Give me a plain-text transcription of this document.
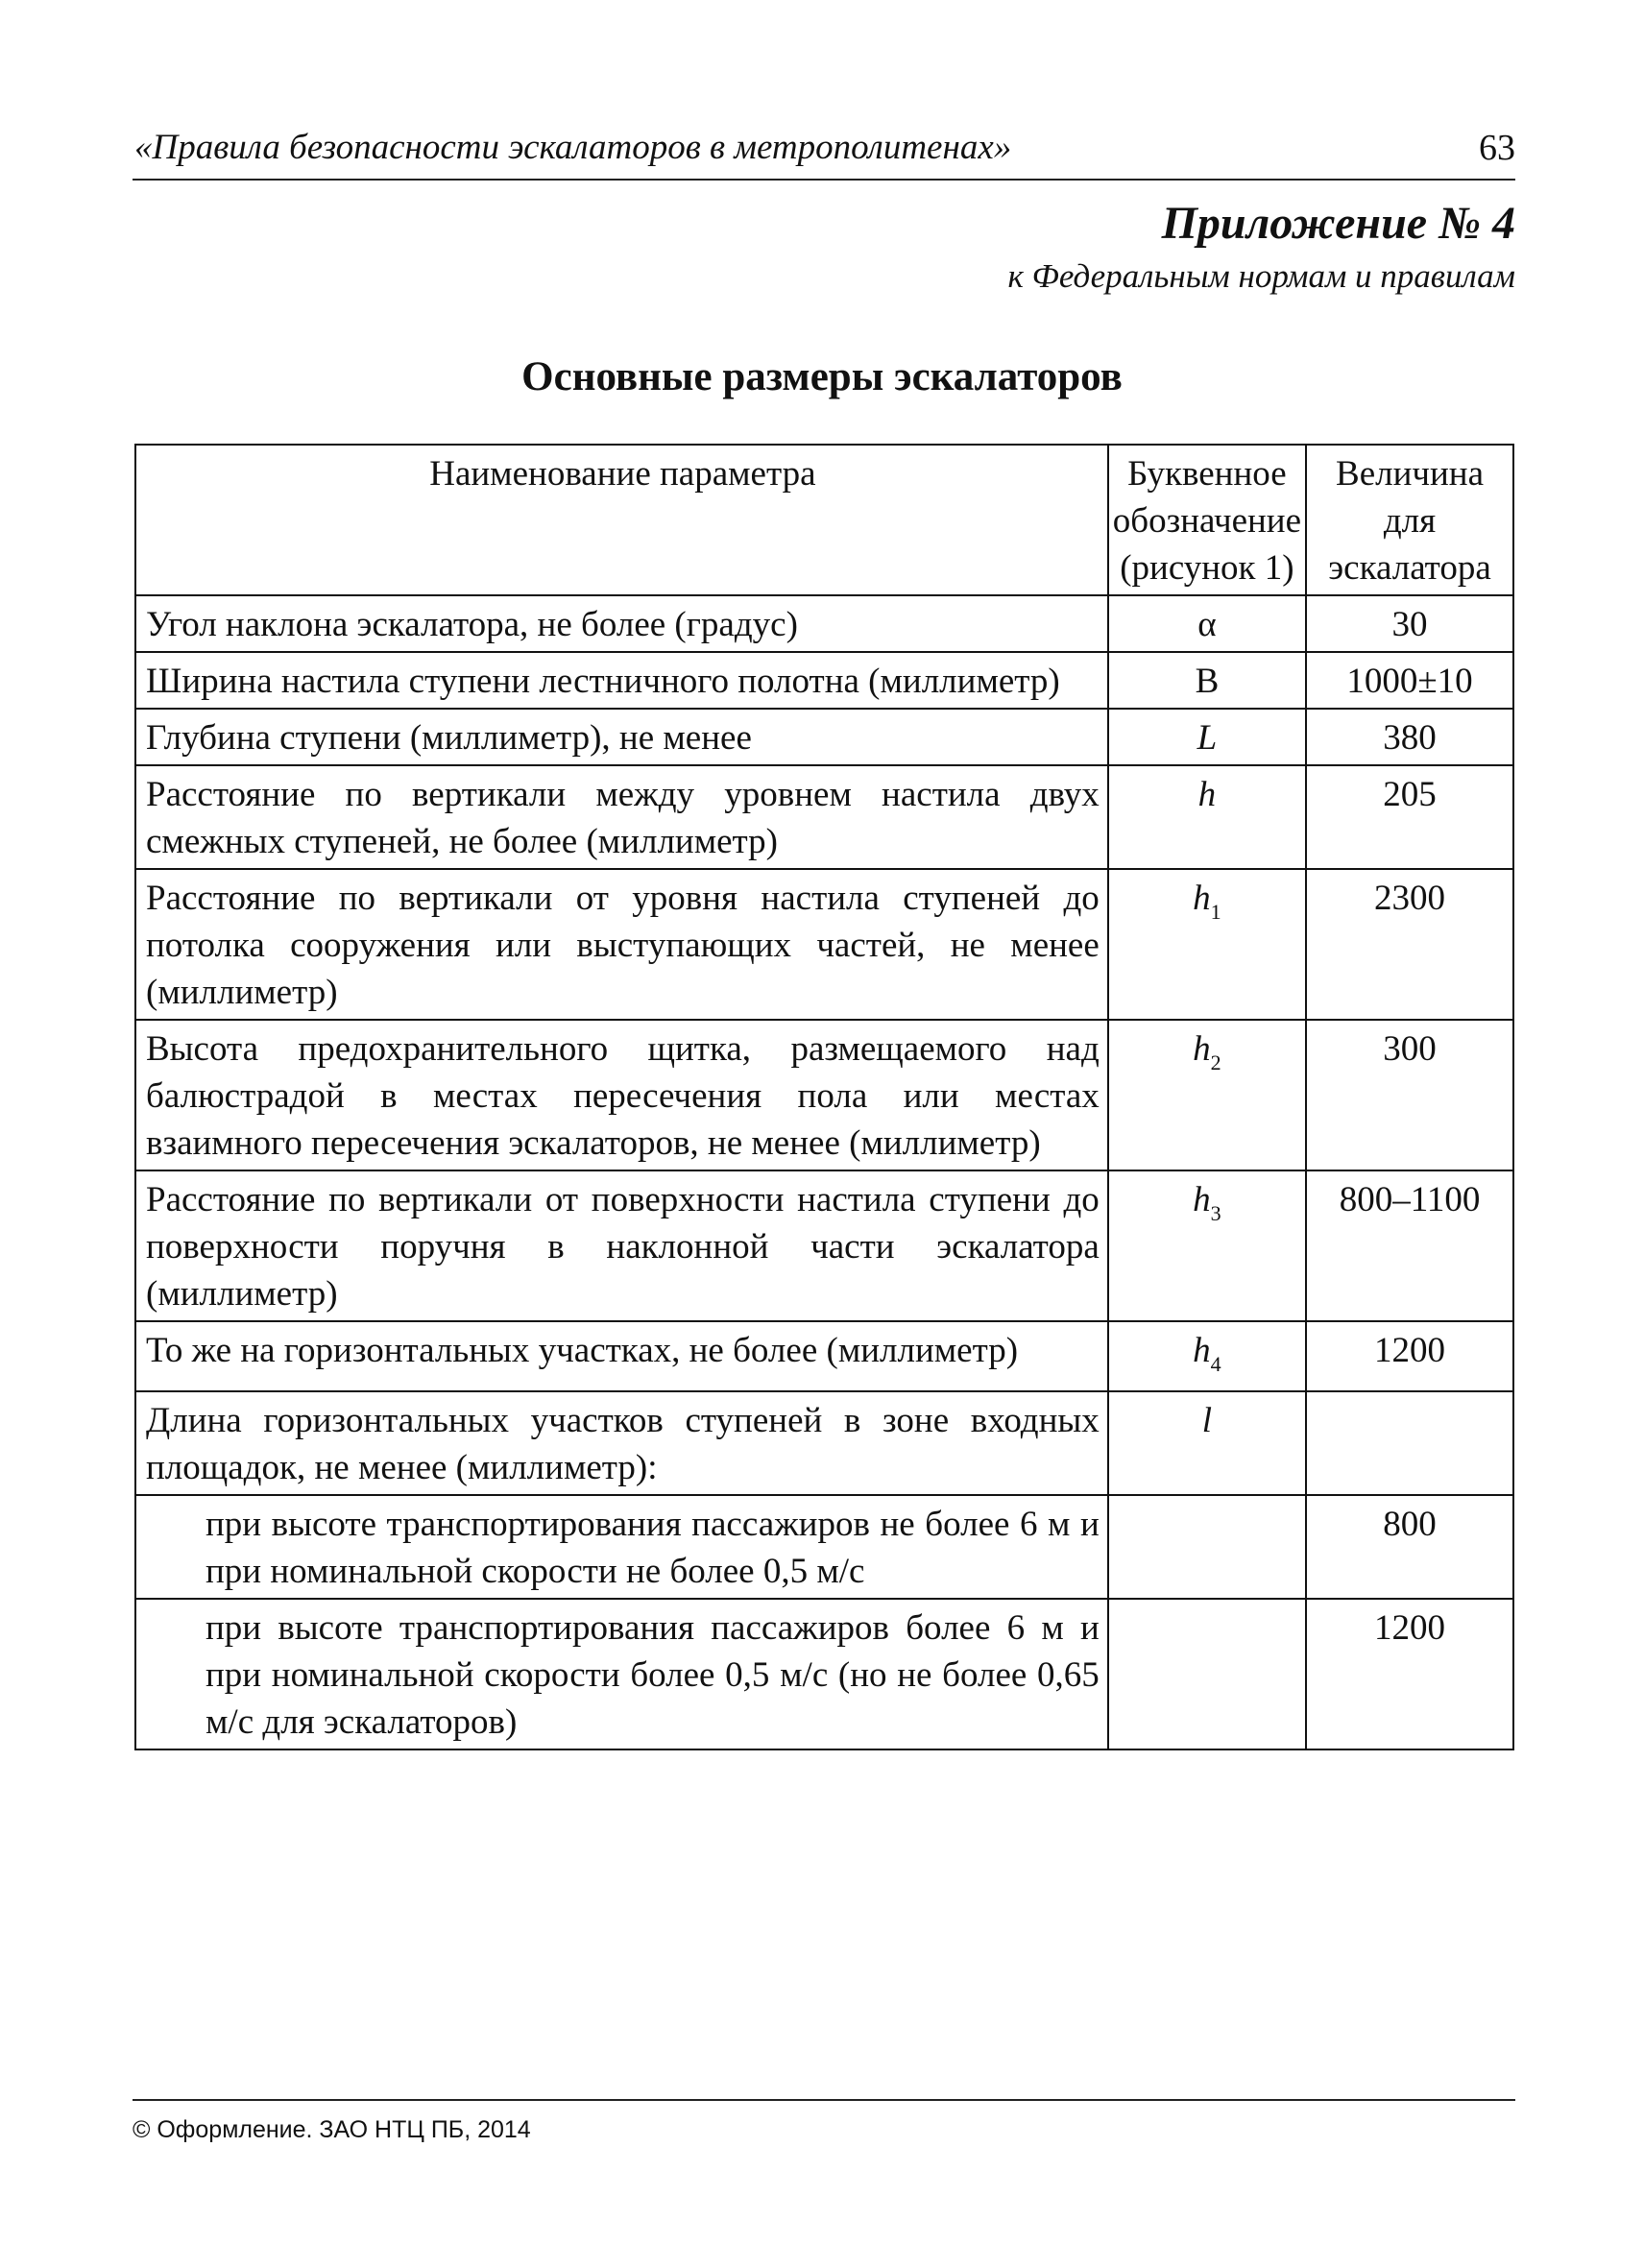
«Правила безопасности эскалаторов в метрополитенах»	63
Приложение № 4
к Федеральным нормам и правилам
Основные размеры эскалаторов
Наименование параметра	Буквенное обозначение (рисунок 1)	Величина для эскалатора
Угол наклона эскалатора, не более (градус)	α	30
Ширина настила ступени лестничного полотна (миллиметр)	B	1000±10
Глубина ступени (миллиметр), не менее	L	380
Расстояние по вертикали между уровнем настила двух смежных ступеней, не более (миллиметр)	h	205
Расстояние по вертикали от уровня настила ступеней до потолка сооружения или выступающих частей, не менее (миллиметр)	$h_1$	2300
Высота предохранительного щитка, размещаемого над балюстрадой в местах пересечения пола или местах взаимного пересечения эскалаторов, не менее (миллиметр)	$h_2$	300
Расстояние по вертикали от поверхности настила ступени до поверхности поручня в наклонной части эскалатора (миллиметр)	$h_3$	800–1100
То же на горизонтальных участках, не более (миллиметр)	$h_4$	1200
Длина горизонтальных участков ступеней в зоне входных площадок, не менее (миллиметр):	l	
при высоте транспортирования пассажиров не более 6 м и при номинальной скорости не более 0,5 м/с		800
при высоте транспортирования пассажиров более 6 м и при номинальной скорости более 0,5 м/с (но не более 0,65 м/с для эскалаторов)		1200
© Оформление. ЗАО НТЦ ПБ, 2014
